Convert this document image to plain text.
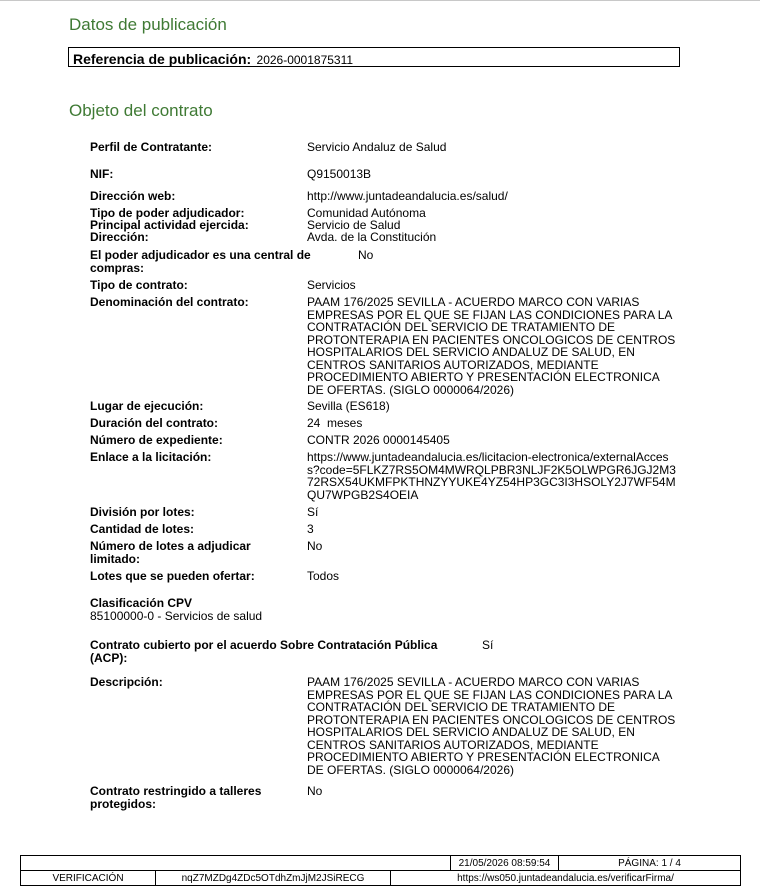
Datos de publicación
Referencia de publicación: 2026-0001875311
Objeto del contrato
Perfil de Contratante:	Servicio Andaluz de Salud
NIF:	Q9150013B
Dirección web:	http://www.juntadeandalucia.es/salud/
Tipo de poder adjudicador:	Comunidad Autónoma
Principal actividad ejercida:	Servicio de Salud
Dirección:	Avda. de la Constitución
El poder adjudicador es una central de compras:
No
Tipo de contrato:	Servicios
Denominación del contrato:	PAAM 176/2025 SEVILLA - ACUERDO MARCO CON VARIAS EMPRESAS POR EL QUE SE FIJAN LAS CONDICIONES PARA LA CONTRATACIÓN DEL SERVICIO DE TRATAMIENTO DE PROTONTERAPIA EN PACIENTES ONCOLOGICOS DE CENTROS HOSPITALARIOS DEL SERVICIO ANDALUZ DE SALUD, EN CENTROS SANITARIOS AUTORIZADOS, MEDIANTE PROCEDIMIENTO ABIERTO Y PRESENTACIÓN ELECTRONICA DE OFERTAS. (SIGLO 0000064/2026)
Lugar de ejecución:	Sevilla (ES618)
Duración del contrato:	24  meses
Número de expediente:	CONTR 2026 0000145405
Enlace a la licitación:	https://www.juntadeandalucia.es/licitacion-electronica/externalAccess?code=5FLKZ7RS5OM4MWRQLPBR3NLJF2K5OLWPGR6JGJ2M372RSX54UKMFPKTHNZYYUKE4YZ54HP3GC3I3HSOLY2J7WF54MQU7WPGB2S4OEIA
División por lotes:	Sí
Cantidad de lotes:	3
Número de lotes a adjudicar limitado:
No
Lotes que se pueden ofertar:	Todos
Clasificación CPV
85100000-0 - Servicios de salud
Contrato cubierto por el acuerdo Sobre Contratación Pública (ACP):
Sí
Descripción:	PAAM 176/2025 SEVILLA - ACUERDO MARCO CON VARIAS EMPRESAS POR EL QUE SE FIJAN LAS CONDICIONES PARA LA CONTRATACIÓN DEL SERVICIO DE TRATAMIENTO DE PROTONTERAPIA EN PACIENTES ONCOLOGICOS DE CENTROS HOSPITALARIOS DEL SERVICIO ANDALUZ DE SALUD, EN CENTROS SANITARIOS AUTORIZADOS, MEDIANTE PROCEDIMIENTO ABIERTO Y PRESENTACIÓN ELECTRONICA DE OFERTAS. (SIGLO 0000064/2026)
Contrato restringido a talleres protegidos:
No
			21/05/2026 08:59:54	PÁGINA: 1 / 4
VERIFICACIÓN	nqZ7MZDg4ZDc5OTdhZmJjM2JSiRECG	https://ws050.juntadeandalucia.es/verificarFirma/		
